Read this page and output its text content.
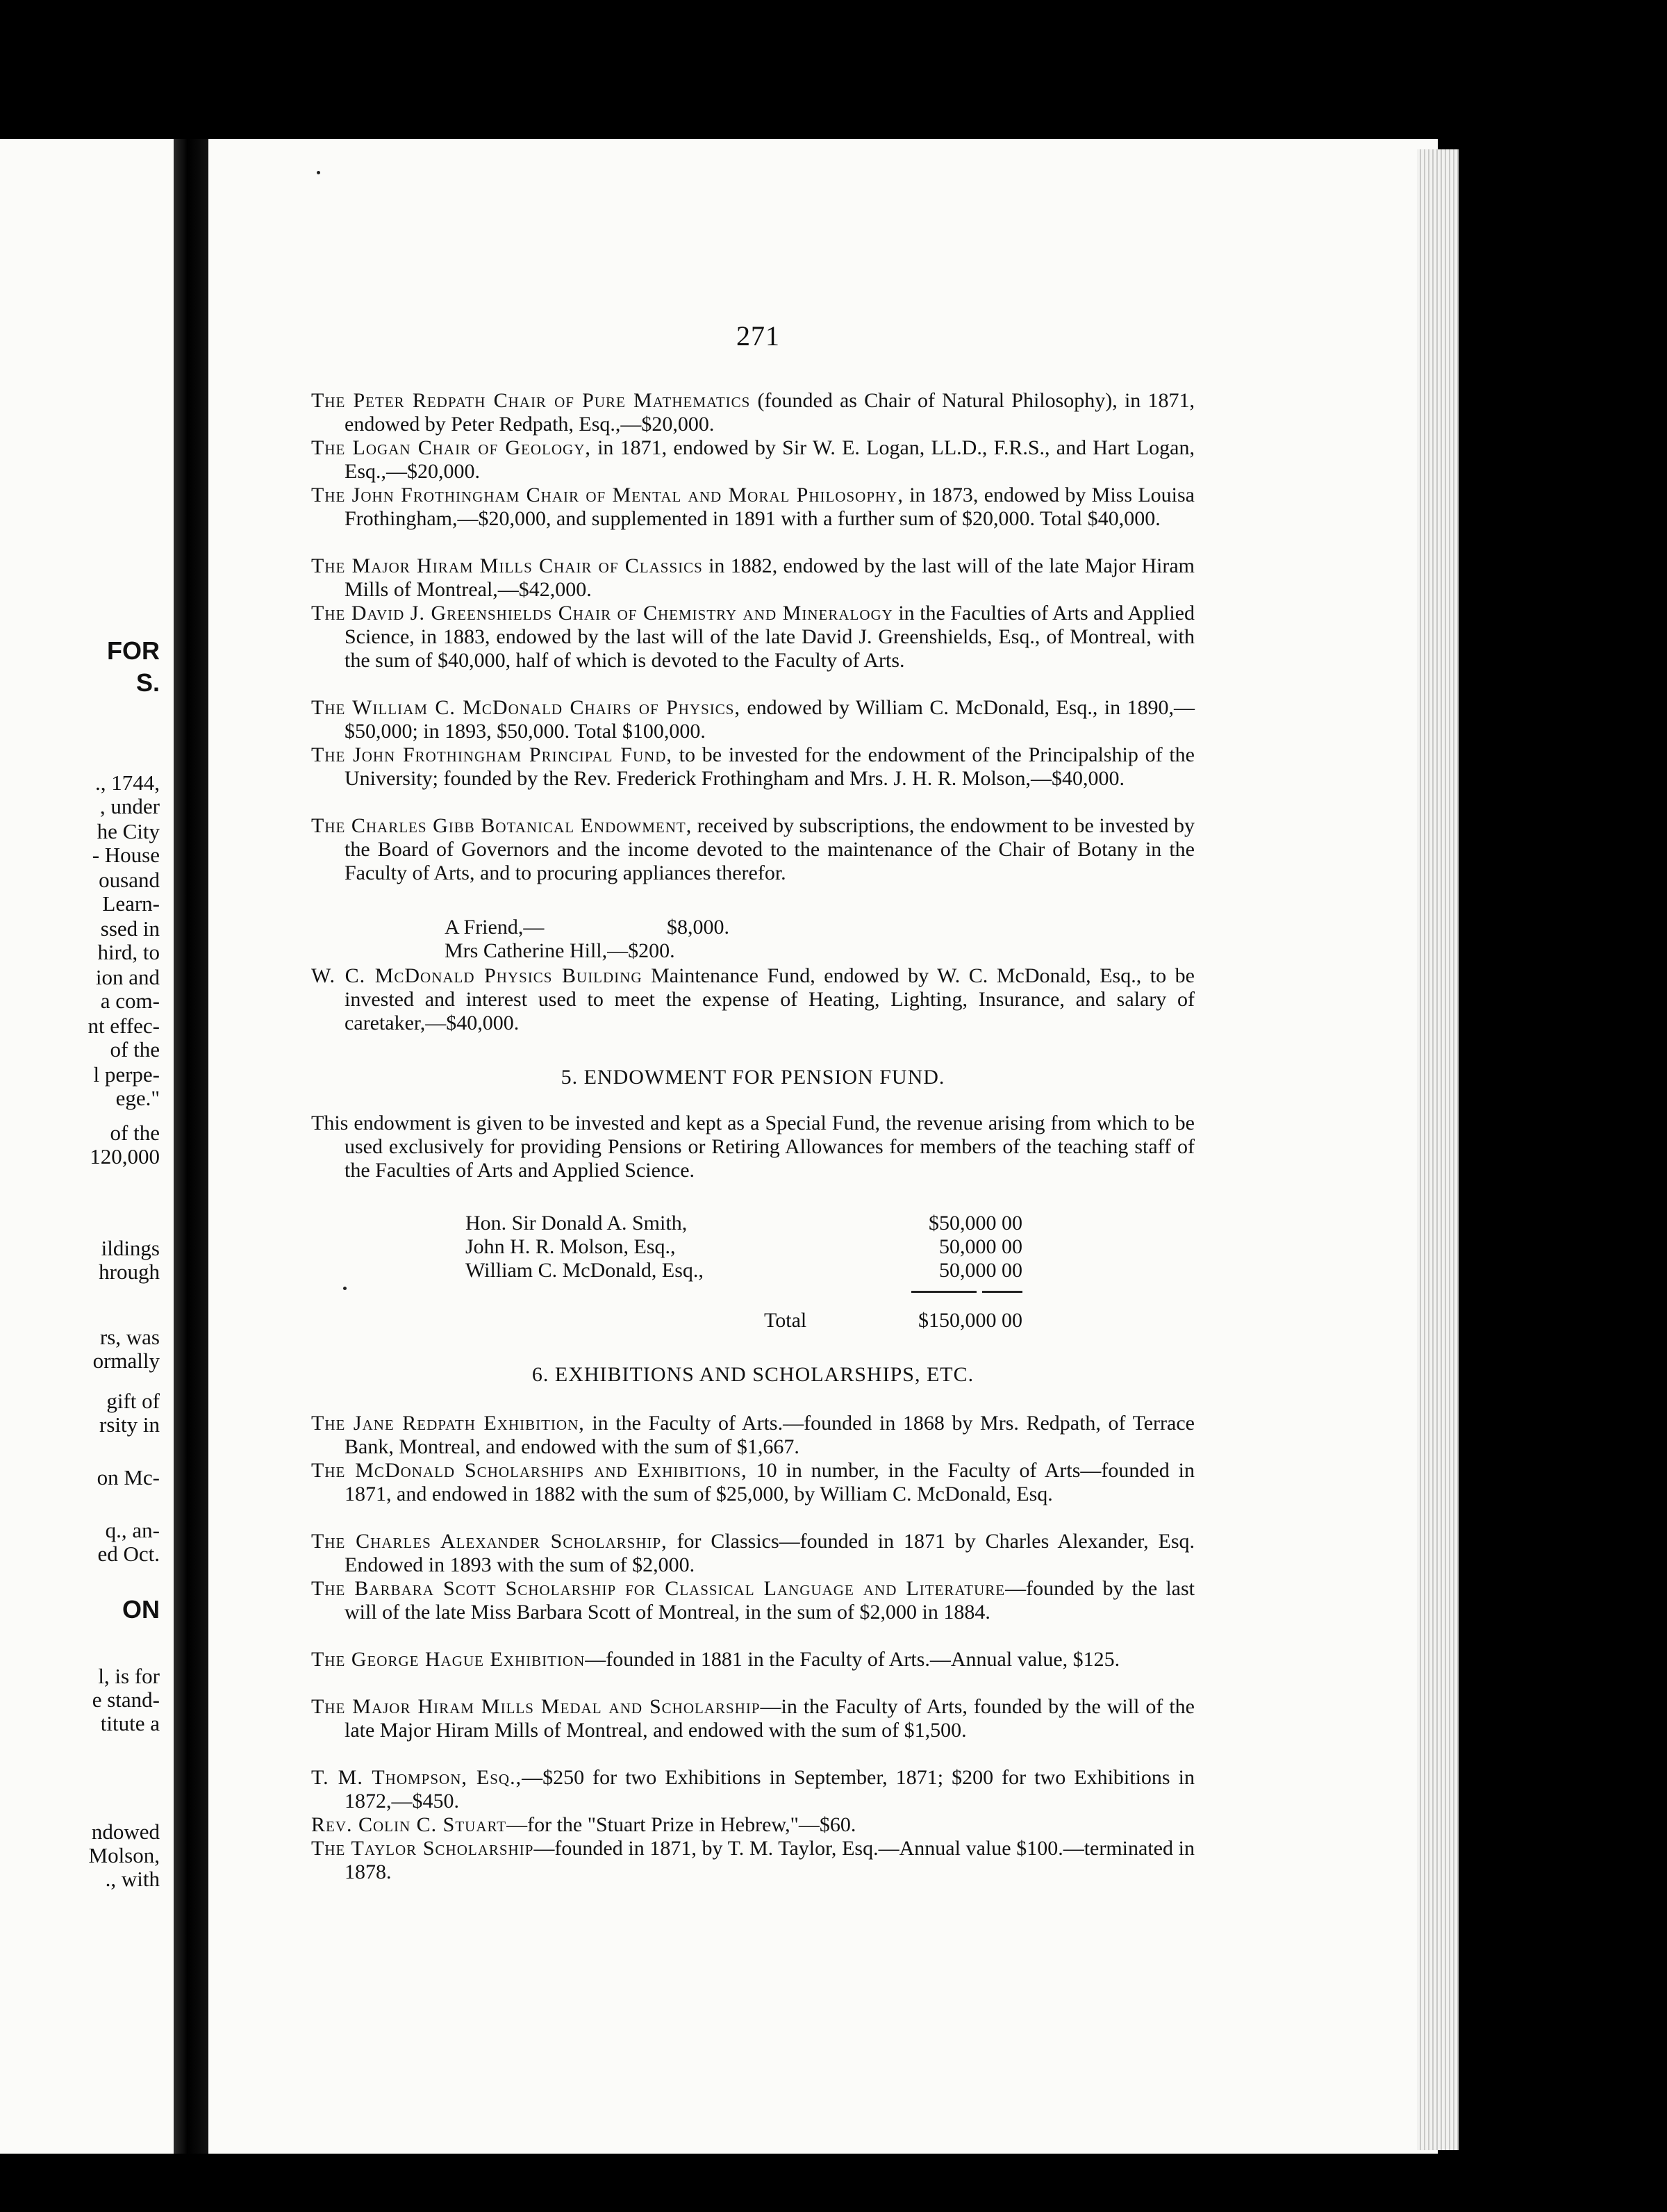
FOR
S.
., 1744,
, under
he City
- House
ousand
Learn-
ssed in
hird, to
ion and
a com-
nt effec-
of the
l perpe-
ege."
of the
120,000
ildings
hrough
rs, was
ormally
gift of
rsity in
on Mc-
q., an-
ed Oct.
ON
l, is for
e stand-
titute a
ndowed
Molson,
., with
271

The Peter Redpath Chair of Pure Mathematics (founded as Chair of Natural Philosophy), in 1871, endowed by Peter Redpath, Esq.,—$20,000.

The Logan Chair of Geology, in 1871, endowed by Sir W. E. Logan, LL.D., F.R.S., and Hart Logan, Esq.,—$20,000.

The John Frothingham Chair of Mental and Moral Philosophy, in 1873, endowed by Miss Louisa Frothingham,—$20,000, and supplemented in 1891 with a further sum of $20,000. Total $40,000.

The Major Hiram Mills Chair of Classics in 1882, endowed by the last will of the late Major Hiram Mills of Montreal,—$42,000.

The David J. Greenshields Chair of Chemistry and Mineralogy in the Faculties of Arts and Applied Science, in 1883, endowed by the last will of the late David J. Greenshields, Esq., of Montreal, with the sum of $40,000, half of which is devoted to the Faculty of Arts.

The William C. McDonald Chairs of Physics, endowed by William C. McDonald, Esq., in 1890,—$50,000; in 1893, $50,000. Total $100,000.

The John Frothingham Principal Fund, to be invested for the endowment of the Principalship of the University; founded by the Rev. Frederick Frothingham and Mrs. J. H. R. Molson,—$40,000.

The Charles Gibb Botanical Endowment, received by subscriptions, the endowment to be invested by the Board of Governors and the income devoted to the maintenance of the Chair of Botany in the Faculty of Arts, and to procuring appliances therefor.

A Friend,—	$8,000.
Mrs Catherine Hill,—$200.

W. C. McDonald Physics Building Maintenance Fund, endowed by W. C. McDonald, Esq., to be invested and interest used to meet the expense of Heating, Lighting, Insurance, and salary of caretaker,—$40,000.

5. ENDOWMENT FOR PENSION FUND.

This endowment is given to be invested and kept as a Special Fund, the revenue arising from which to be used exclusively for providing Pensions or Retiring Allowances for members of the teaching staff of the Faculties of Arts and Applied Science.

Hon. Sir Donald A. Smith,	$50,000 00
John H. R. Molson, Esq.,	50,000 00
William C. McDonald, Esq.,	50,000 00
Total	$150,000 00
6. EXHIBITIONS AND SCHOLARSHIPS, ETC.

The Jane Redpath Exhibition, in the Faculty of Arts.—founded in 1868 by Mrs. Redpath, of Terrace Bank, Montreal, and endowed with the sum of $1,667.

The McDonald Scholarships and Exhibitions, 10 in number, in the Faculty of Arts—founded in 1871, and endowed in 1882 with the sum of $25,000, by William C. McDonald, Esq.

The Charles Alexander Scholarship, for Classics—founded in 1871 by Charles Alexander, Esq. Endowed in 1893 with the sum of $2,000.

The Barbara Scott Scholarship for Classical Language and Literature—founded by the last will of the late Miss Barbara Scott of Montreal, in the sum of $2,000 in 1884.

The George Hague Exhibition—founded in 1881 in the Faculty of Arts.—Annual value, $125.

The Major Hiram Mills Medal and Scholarship—in the Faculty of Arts, founded by the will of the late Major Hiram Mills of Montreal, and endowed with the sum of $1,500.

T. M. Thompson, Esq.,—$250 for two Exhibitions in September, 1871; $200 for two Exhibitions in 1872,—$450.

Rev. Colin C. Stuart—for the "Stuart Prize in Hebrew,"—$60.

The Taylor Scholarship—founded in 1871, by T. M. Taylor, Esq.—Annual value $100.—terminated in 1878.
